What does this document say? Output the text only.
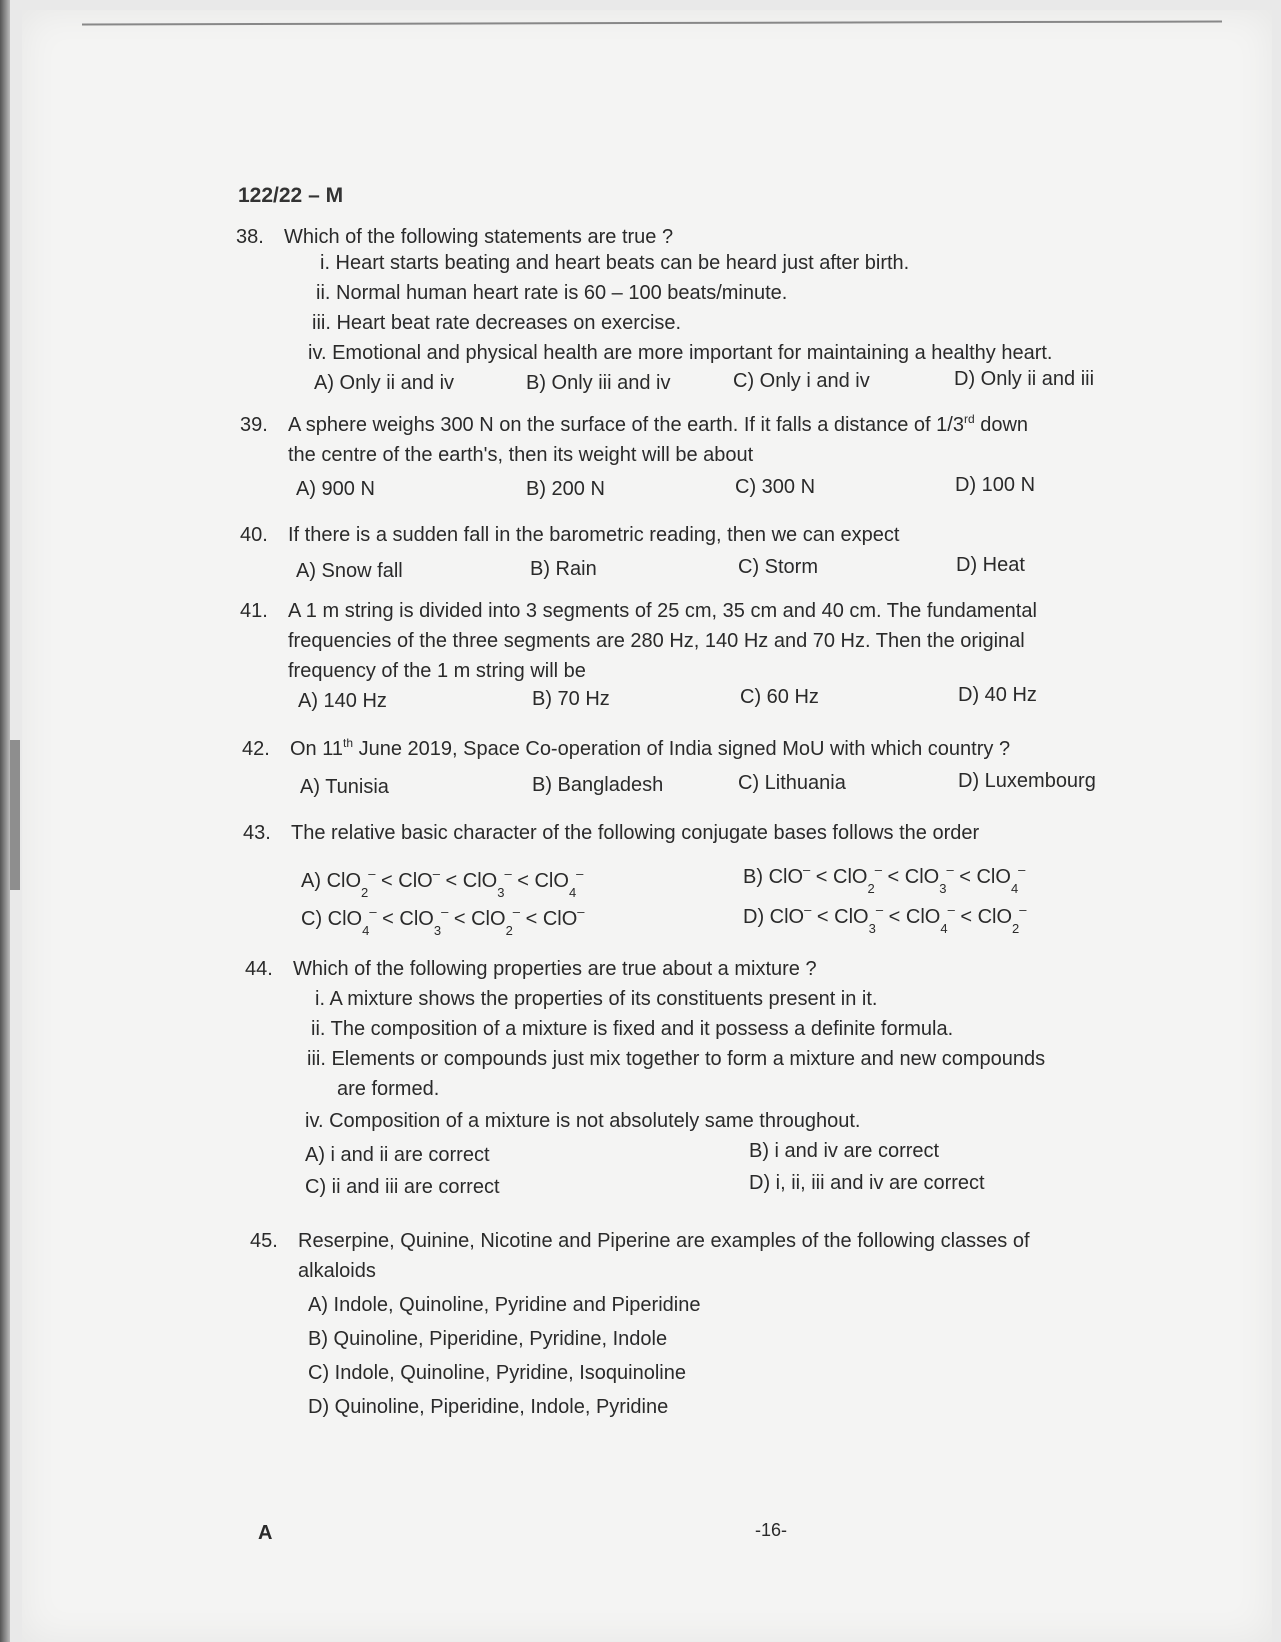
122/22 – M
38. Which of the following statements are true ?
i. Heart starts beating and heart beats can be heard just after birth.
ii. Normal human heart rate is 60 – 100 beats/minute.
iii. Heart beat rate decreases on exercise.
iv. Emotional and physical health are more important for maintaining a healthy heart.
A) Only ii and iv	B) Only iii and iv	C) Only i and iv	D) Only ii and iii
39. A sphere weighs 300 N on the surface of the earth. If it falls a distance of 1/3rd down
the centre of the earth's, then its weight will be about
A) 900 N	B) 200 N	C) 300 N	D) 100 N
40. If there is a sudden fall in the barometric reading, then we can expect
A) Snow fall	B) Rain	C) Storm	D) Heat
41. A 1 m string is divided into 3 segments of 25 cm, 35 cm and 40 cm. The fundamental
frequencies of the three segments are 280 Hz, 140 Hz and 70 Hz. Then the original
frequency of the 1 m string will be
A) 140 Hz	B) 70 Hz	C) 60 Hz	D) 40 Hz
42. On 11th June 2019, Space Co-operation of India signed MoU with which country ?
A) Tunisia	B) Bangladesh	C) Lithuania	D) Luxembourg
43. The relative basic character of the following conjugate bases follows the order
A) ClO$_2$– < ClO– < ClO$_3$– < ClO$_4$–	B) ClO– < ClO$_2$– < ClO$_3$– < ClO$_4$–
C) ClO$_4$– < ClO$_3$– < ClO$_2$– < ClO–	D) ClO– < ClO$_3$– < ClO$_4$– < ClO$_2$–
44. Which of the following properties are true about a mixture ?
i. A mixture shows the properties of its constituents present in it.
ii. The composition of a mixture is fixed and it possess a definite formula.
iii. Elements or compounds just mix together to form a mixture and new compounds
are formed.
iv. Composition of a mixture is not absolutely same throughout.
A) i and ii are correct	B) i and iv are correct
C) ii and iii are correct	D) i, ii, iii and iv are correct
45. Reserpine, Quinine, Nicotine and Piperine are examples of the following classes of
alkaloids
A) Indole, Quinoline, Pyridine and Piperidine
B) Quinoline, Piperidine, Pyridine, Indole
C) Indole, Quinoline, Pyridine, Isoquinoline
D) Quinoline, Piperidine, Indole, Pyridine
A	-16-
